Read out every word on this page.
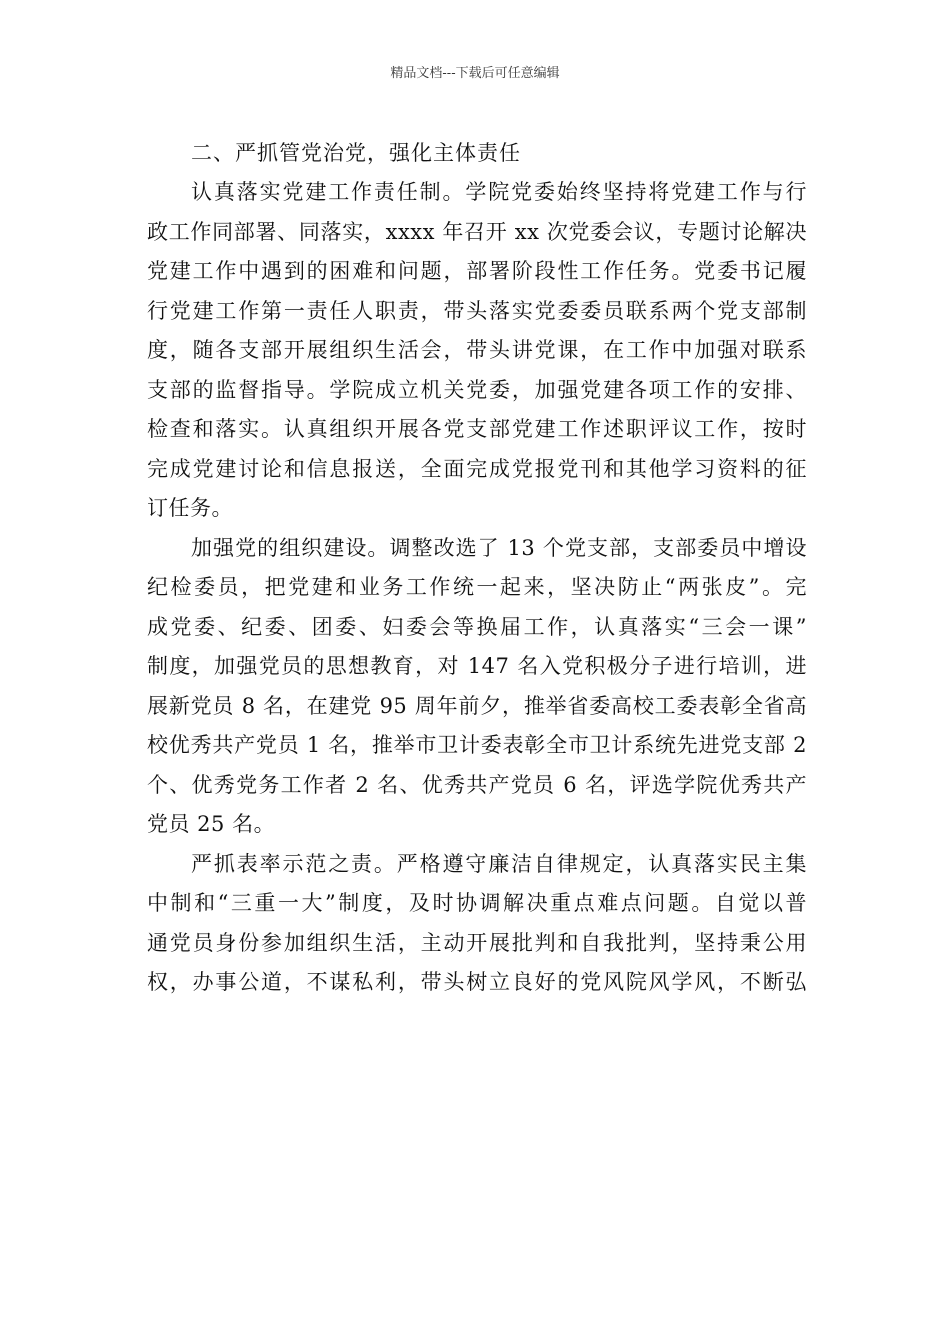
精品文档---下载后可任意编辑
二、严抓管党治党，强化主体责任
认真落实党建工作责任制。学院党委始终坚持将党建工作与行
政工作同部署、同落实，xxxx 年召开 xx 次党委会议，专题讨论解决
党建工作中遇到的困难和问题，部署阶段性工作任务。党委书记履
行党建工作第一责任人职责，带头落实党委委员联系两个党支部制
度，随各支部开展组织生活会，带头讲党课，在工作中加强对联系
支部的监督指导。学院成立机关党委，加强党建各项工作的安排、
检查和落实。认真组织开展各党支部党建工作述职评议工作，按时
完成党建讨论和信息报送，全面完成党报党刊和其他学习资料的征
订任务。
加强党的组织建设。调整改选了 13 个党支部，支部委员中增设
纪检委员，把党建和业务工作统一起来，坚决防止“两张皮”。完
成党委、纪委、团委、妇委会等换届工作，认真落实“三会一课”
制度，加强党员的思想教育，对 147 名入党积极分子进行培训，进
展新党员 8 名，在建党 95 周年前夕，推举省委高校工委表彰全省高
校优秀共产党员 1 名，推举市卫计委表彰全市卫计系统先进党支部 2
个、优秀党务工作者 2 名、优秀共产党员 6 名，评选学院优秀共产
党员 25 名。
严抓表率示范之责。严格遵守廉洁自律规定，认真落实民主集
中制和“三重一大”制度，及时协调解决重点难点问题。自觉以普
通党员身份参加组织生活，主动开展批判和自我批判，坚持秉公用
权，办事公道，不谋私利，带头树立良好的党风院风学风，不断弘
